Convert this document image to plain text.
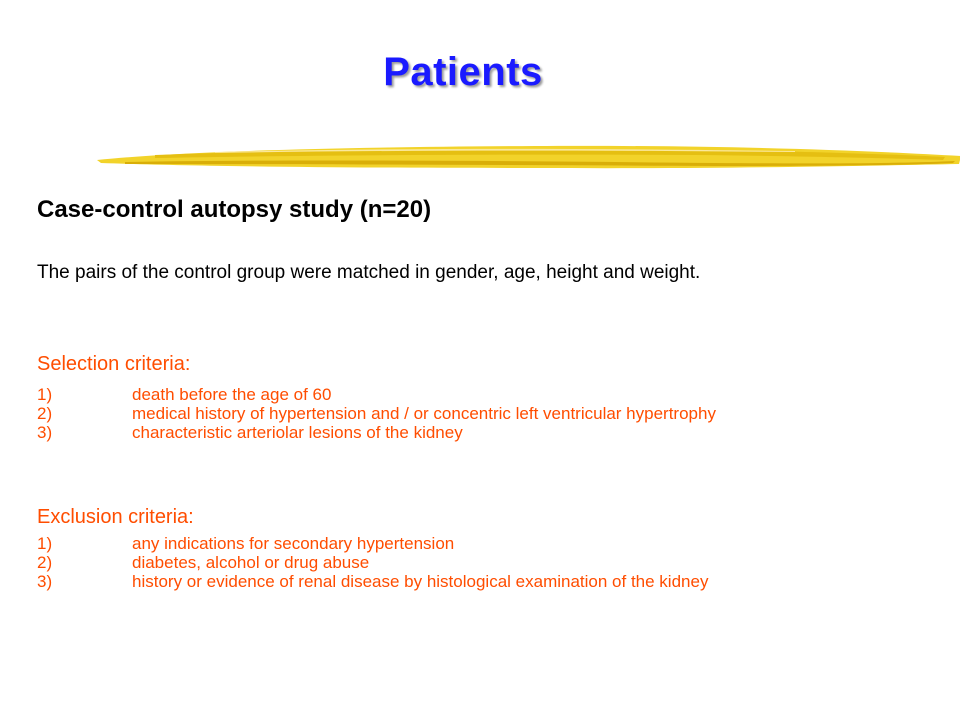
Patients
Case-control autopsy study (n=20)
The pairs of the control group were matched in gender, age, height and weight.
Selection criteria:
1)	death before the age of 60
2)	medical history of hypertension and / or concentric left ventricular hypertrophy
3)	characteristic arteriolar lesions of the kidney
Exclusion criteria:
1)	any indications for secondary hypertension
2)	diabetes, alcohol or drug abuse
3)	history or evidence of renal disease by histological examination of the kidney
